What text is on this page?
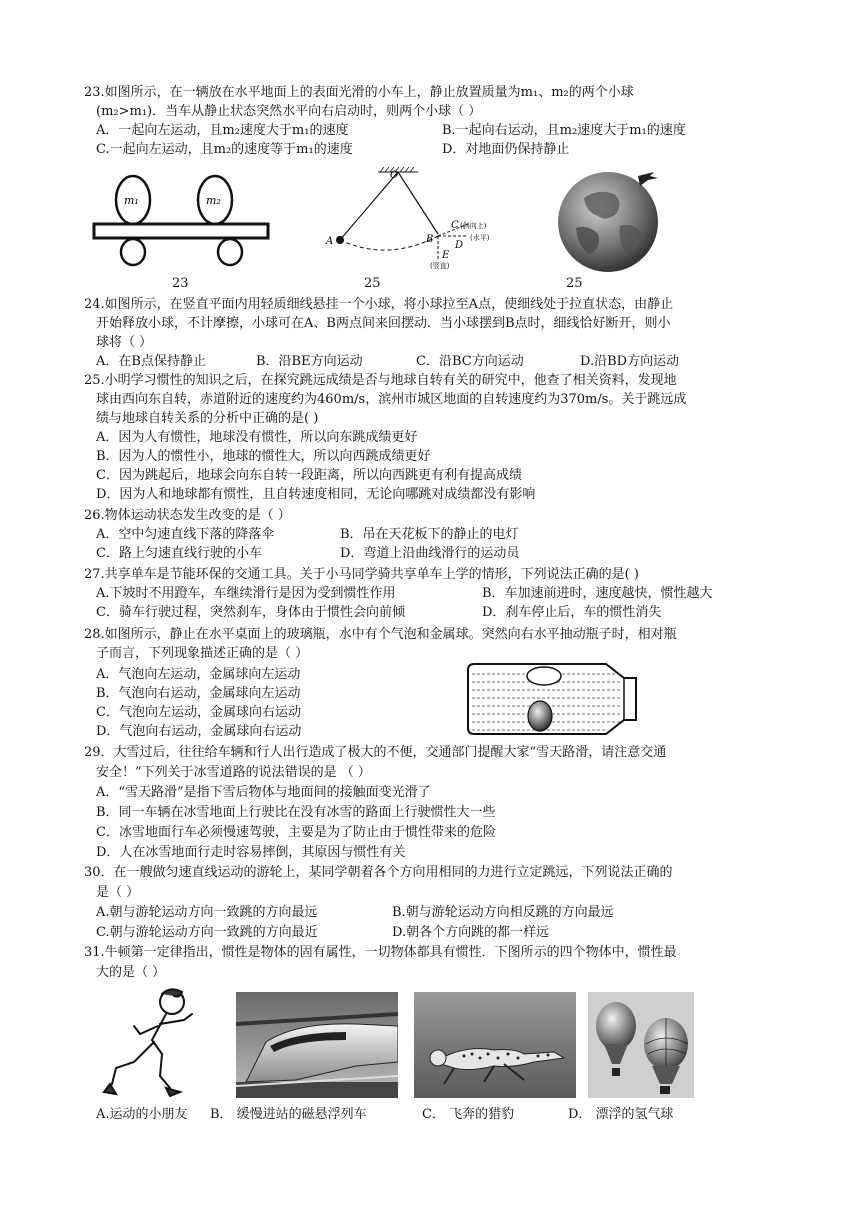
23.如图所示，在一辆放在水平地面上的表面光滑的小车上，静止放置质量为m₁、m₂的两个小球
(m₂>m₁)．当车从静止状态突然水平向右启动时，则两个小球（ ）
A．一起向左运动，且m₂速度大于m₁的速度	B.一起向右运动，且m₂速度大于m₁的速度
C.一起向左运动，且m₂的速度等于m₁的速度	D．对地面仍保持静止
m₁	m₂
23
O
A	B
C (斜向上)
D
(水平)
E
(竖直)
25	25
24.如图所示，在竖直平面内用轻质细线悬挂一个小球，将小球拉至A点，使细线处于拉直状态，由静止
开始释放小球，不计摩擦，小球可在A、B两点间来回摆动．当小球摆到B点时，细线恰好断开，则小
球将（ ）
A．在B点保持静止	B．沿BE方向运动	C．沿BC方向运动	D.沿BD方向运动
25.小明学习惯性的知识之后，在探究跳远成绩是否与地球自转有关的研究中，他查了相关资料，发现地
球由西向东自转，赤道附近的速度约为460m/s，滨州市城区地面的自转速度约为370m/s。关于跳远成
绩与地球自转关系的分析中正确的是( )
A．因为人有惯性，地球没有惯性，所以向东跳成绩更好
B．因为人的惯性小，地球的惯性大，所以向西跳成绩更好
C．因为跳起后，地球会向东自转一段距离，所以向西跳更有利有提高成绩
D．因为人和地球都有惯性，且自转速度相同，无论向哪跳对成绩都没有影响
26.物体运动状态发生改变的是（ ）
A．空中匀速直线下落的降落伞	B．吊在天花板下的静止的电灯
C．路上匀速直线行驶的小车	D．弯道上沿曲线滑行的运动员
27.共享单车是节能环保的交通工具。关于小马同学骑共享单车上学的情形，下列说法正确的是( )
A.下坡时不用蹬车，车继续滑行是因为受到惯性作用	B．车加速前进时，速度越快，惯性越大
C．骑车行驶过程，突然刹车，身体由于惯性会向前倾	D．刹车停止后，车的惯性消失
28.如图所示，静止在水平桌面上的玻璃瓶，水中有个气泡和金属球。突然向右水平抽动瓶子时，相对瓶
子而言，下列现象描述正确的是（ ）
A．气泡向左运动，金属球向左运动
B．气泡向右运动，金属球向左运动
C．气泡向左运动，金属球向右运动
D．气泡向右运动，金属球向右运动
29．大雪过后，往往给车辆和行人出行造成了极大的不便，交通部门提醒大家“雪天路滑，请注意交通
安全！”下列关于冰雪道路的说法错误的是 （ ）
A．“雪天路滑”是指下雪后物体与地面间的接触面变光滑了
B．同一车辆在冰雪地面上行驶比在没有冰雪的路面上行驶惯性大一些
C．冰雪地面行车必须慢速驾驶，主要是为了防止由于惯性带来的危险
D．人在冰雪地面行走时容易摔倒，其原因与惯性有关
30．在一艘做匀速直线运动的游轮上，某同学朝着各个方向用相同的力进行立定跳远，下列说法正确的
是（ ）
A.朝与游轮运动方向一致跳的方向最远	B.朝与游轮运动方向相反跳的方向最远
C.朝与游轮运动方向一致跳的方向最近	D.朝各个方向跳的都一样远
31.牛顿第一定律指出，惯性是物体的固有属性，一切物体都具有惯性．下图所示的四个物体中，惯性最
大的是（ ）
A.运动的小朋友 B． 缓慢进站的磁悬浮列车	C． 飞奔的猎豹	D． 漂浮的氢气球
